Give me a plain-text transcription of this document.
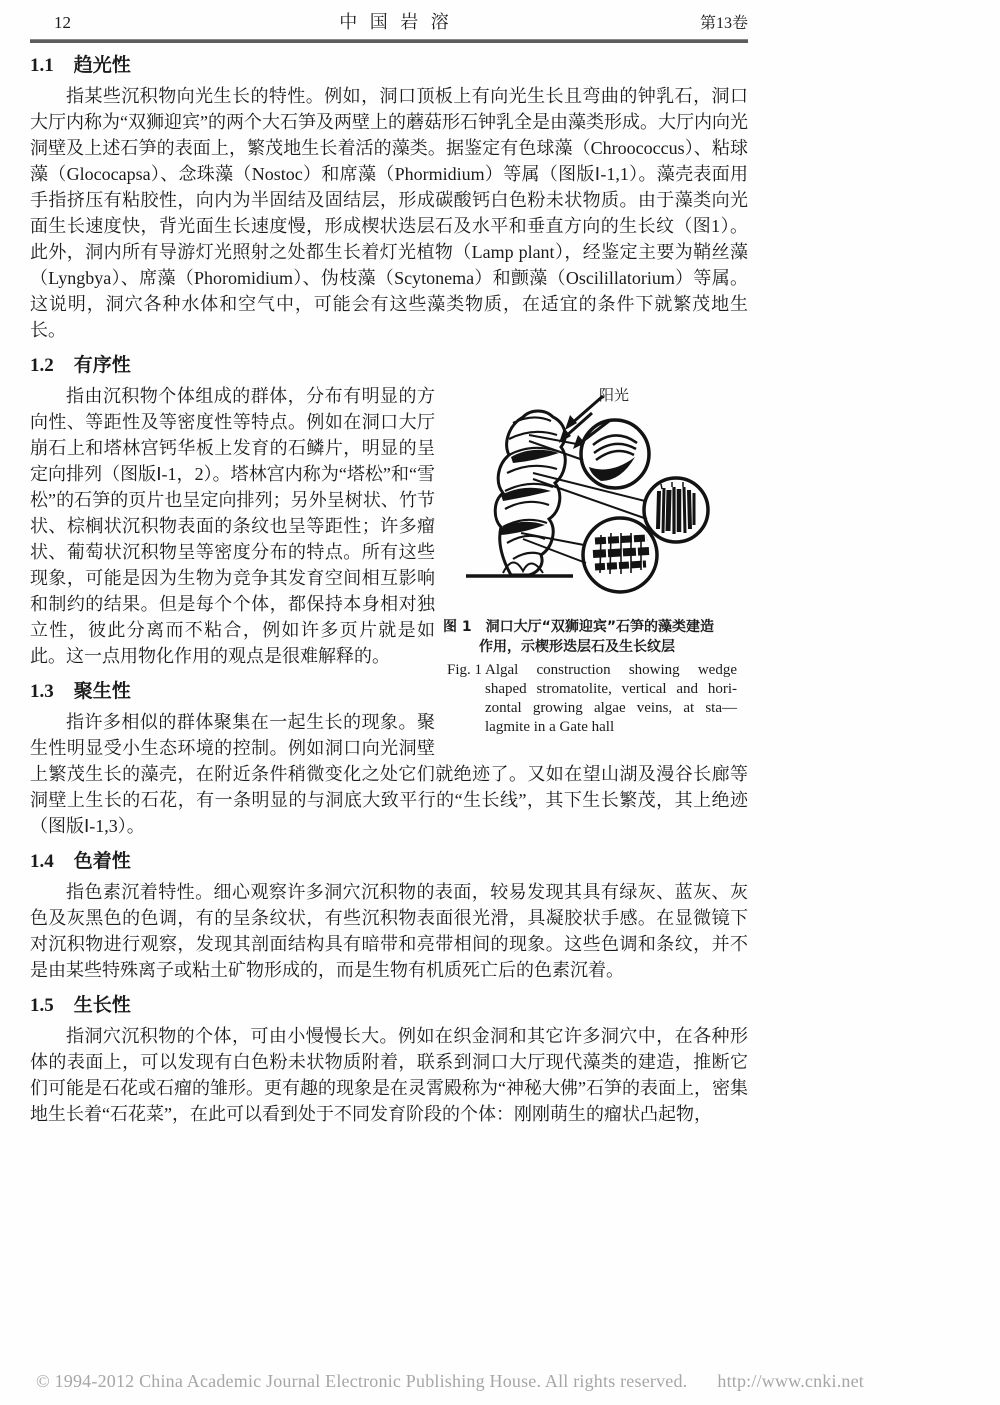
12	中 国 岩 溶	第13卷
1.1 趋光性

指某些沉积物向光生长的特性。例如，洞口顶板上有向光生长且弯曲的钟乳石，洞口大厅内称为“双狮迎宾”的两个大石笋及两壁上的蘑菇形石钟乳全是由藻类形成。大厅内向光洞壁及上述石笋的表面上，繁茂地生长着活的藻类。据鉴定有色球藻（Chroococcus）、粘球藻（Glococapsa）、念珠藻（Nostoc）和席藻（Phormidium）等属（图版Ⅰ-1,1）。藻壳表面用手指挤压有粘胶性，向内为半固结及固结层，形成碳酸钙白色粉未状物质。由于藻类向光面生长速度快，背光面生长速度慢，形成楔状迭层石及水平和垂直方向的生长纹（图1）。此外，洞内所有导游灯光照射之处都生长着灯光植物（Lamp plant），经鉴定主要为鞘丝藻（Lyngbya）、席藻（Phoromidium）、伪枝藻（Scytonema）和颤藻（Oscilillatorium）等属。这说明，洞穴各种水体和空气中，可能会有这些藻类物质，在适宜的条件下就繁茂地生长。

1.2 有序性
阳光
图 1 洞口大厅“双狮迎宾”石笋的藻类建造
作用，示楔形迭层石及生长纹层
Fig. 1 Algal construction showing wedge
shaped stromatolite, vertical and hori-
zontal growing algae veins, at sta—
lagmite in a Gate hall

指由沉积物个体组成的群体，分布有明显的方向性、等距性及等密度性等特点。例如在洞口大厅崩石上和塔林宫钙华板上发育的石鳞片，明显的呈定向排列（图版Ⅰ-1，2）。塔林宫内称为“塔松”和“雪松”的石笋的页片也呈定向排列；另外呈树状、竹节状、棕榈状沉积物表面的条纹也呈等距性；许多瘤状、葡萄状沉积物呈等密度分布的特点。所有这些现象，可能是因为生物为竞争其发育空间相互影响和制约的结果。但是每个个体，都保持本身相对独立性，彼此分离而不粘合，例如许多页片就是如此。这一点用物化作用的观点是很难解释的。

1.3 聚生性

指许多相似的群体聚集在一起生长的现象。聚生性明显受小生态环境的控制。例如洞口向光洞壁上繁茂生长的藻壳，在附近条件稍微变化之处它们就绝迹了。又如在望山湖及漫谷长廊等洞壁上生长的石花，有一条明显的与洞底大致平行的“生长线”，其下生长繁茂，其上绝迹（图版Ⅰ-1,3）。

1.4 色着性

指色素沉着特性。细心观察许多洞穴沉积物的表面，较易发现其具有绿灰、蓝灰、灰色及灰黑色的色调，有的呈条纹状，有些沉积物表面很光滑，具凝胶状手感。在显微镜下对沉积物进行观察，发现其剖面结构具有暗带和亮带相间的现象。这些色调和条纹，并不是由某些特殊离子或粘土矿物形成的，而是生物有机质死亡后的色素沉着。

1.5 生长性

指洞穴沉积物的个体，可由小慢慢长大。例如在织金洞和其它许多洞穴中，在各种形体的表面上，可以发现有白色粉未状物质附着，联系到洞口大厅现代藻类的建造，推断它们可能是石花或石瘤的雏形。更有趣的现象是在灵霄殿称为“神秘大佛”石笋的表面上，密集地生长着“石花菜”，在此可以看到处于不同发育阶段的个体：刚刚萌生的瘤状凸起物，

© 1994-2012 China Academic Journal Electronic Publishing House. All rights reserved. http://www.cnki.net
